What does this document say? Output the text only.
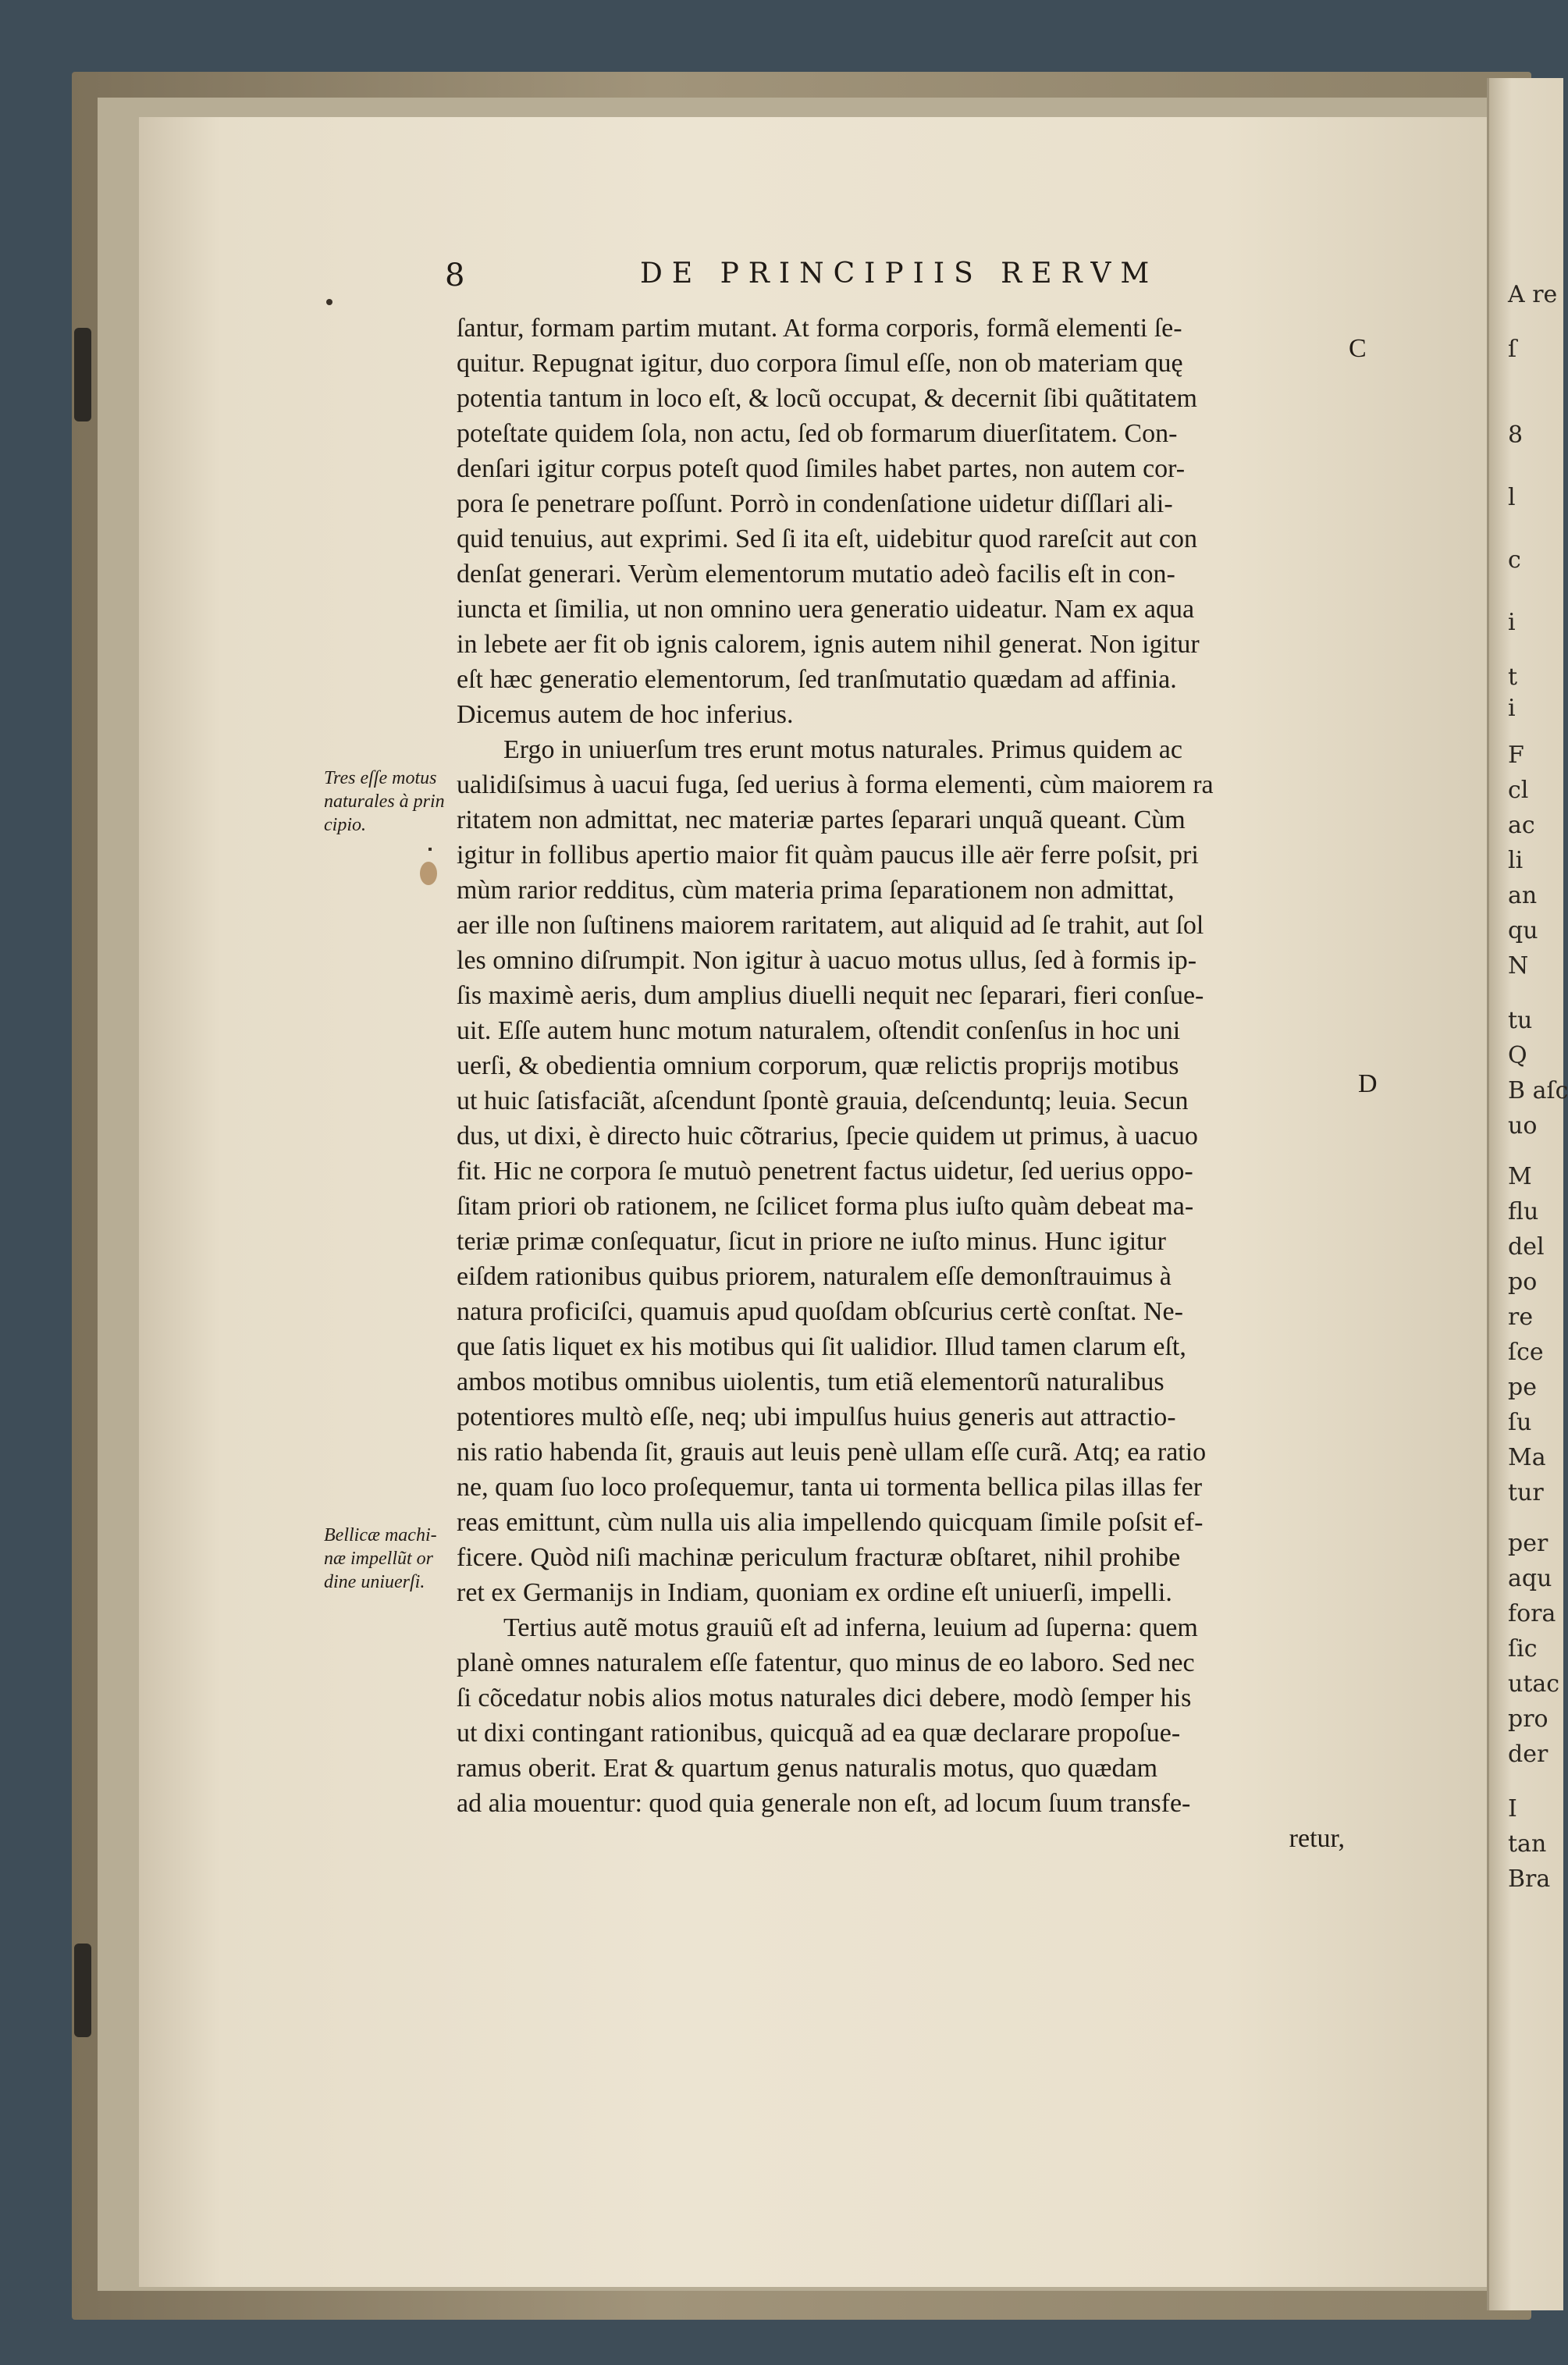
8	DE PRINCIPIIS RERVM
ſantur, formam partim mutant. At forma corporis, formã elementi ſe-
quitur. Repugnat igitur, duo corpora ſimul eſſe, non ob materiam quę
potentia tantum in loco eſt, & locũ occupat, & decernit ſibi quãtitatem
poteſtate quidem ſola, non actu, ſed ob formarum diuerſitatem. Con-
denſari igitur corpus poteſt quod ſimiles habet partes, non autem cor-
pora ſe penetrare poſſunt. Porrò in condenſatione uidetur diſſlari ali-
quid tenuius, aut exprimi. Sed ſi ita eſt, uidebitur quod rareſcit aut con
denſat generari. Verùm elementorum mutatio adeò facilis eſt in con-
iuncta et ſimilia, ut non omnino uera generatio uideatur. Nam ex aqua
in lebete aer fit ob ignis calorem, ignis autem nihil generat. Non igitur
eſt hæc generatio elementorum, ſed tranſmutatio quædam ad affinia.
Dicemus autem de hoc inferius.
Ergo in uniuerſum tres erunt motus naturales. Primus quidem ac
ualidiſsimus à uacui fuga, ſed uerius à forma elementi, cùm maiorem ra
ritatem non admittat, nec materiæ partes ſeparari unquã queant. Cùm
igitur in follibus apertio maior fit quàm paucus ille aër ferre poſsit, pri
mùm rarior redditus, cùm materia prima ſeparationem non admittat,
aer ille non ſuſtinens maiorem raritatem, aut aliquid ad ſe trahit, aut ſol
les omnino diſrumpit. Non igitur à uacuo motus ullus, ſed à formis ip-
ſis maximè aeris, dum amplius diuelli nequit nec ſeparari, fieri conſue-
uit. Eſſe autem hunc motum naturalem, oſtendit conſenſus in hoc uni
uerſi, & obedientia omnium corporum, quæ relictis proprijs motibus
ut huic ſatisfaciãt, aſcendunt ſpontè grauia, deſcenduntq; leuia. Secun
dus, ut dixi, è directo huic cõtrarius, ſpecie quidem ut primus, à uacuo
fit. Hic ne corpora ſe mutuò penetrent factus uidetur, ſed uerius oppo-
ſitam priori ob rationem, ne ſcilicet forma plus iuſto quàm debeat ma-
teriæ primæ conſequatur, ſicut in priore ne iuſto minus. Hunc igitur
eiſdem rationibus quibus priorem, naturalem eſſe demonſtrauimus à
natura proficiſci, quamuis apud quoſdam obſcurius certè conſtat. Ne-
que ſatis liquet ex his motibus qui ſit ualidior. Illud tamen clarum eſt,
ambos motibus omnibus uiolentis, tum etiã elementorũ naturalibus
potentiores multò eſſe, neq; ubi impulſus huius generis aut attractio-
nis ratio habenda ſit, grauis aut leuis penè ullam eſſe curã. Atq; ea ratio
ne, quam ſuo loco proſequemur, tanta ui tormenta bellica pilas illas fer
reas emittunt, cùm nulla uis alia impellendo quicquam ſimile poſsit ef-
ficere. Quòd niſi machinæ periculum fracturæ obſtaret, nihil prohibe
ret ex Germanijs in Indiam, quoniam ex ordine eſt uniuerſi, impelli.
Tertius autẽ motus grauiũ eſt ad inferna, leuium ad ſuperna: quem
planè omnes naturalem eſſe fatentur, quo minus de eo laboro. Sed nec
ſi cõcedatur nobis alios motus naturales dici debere, modò ſemper his
ut dixi contingant rationibus, quicquã ad ea quæ declarare propoſue-
ramus oberit. Erat & quartum genus naturalis motus, quo quædam
ad alia mouentur: quod quia generale non eſt, ad locum ſuum transfe-
retur,
Tres eſſe motus
naturales à prin
cipio.
Bellicæ machi-
næ impellũt or
dine uniuerſi.
C
D
A re
ſ
8
l
c
i
t
i
F
cl
ac
li
an
qu
N
tu
Q
B aſc
uo
M
flu
del
po
re
ſce
pe
ſu
Ma
tur
per
aqu
fora
ſic
utac
pro
der
I
tan
Bra
